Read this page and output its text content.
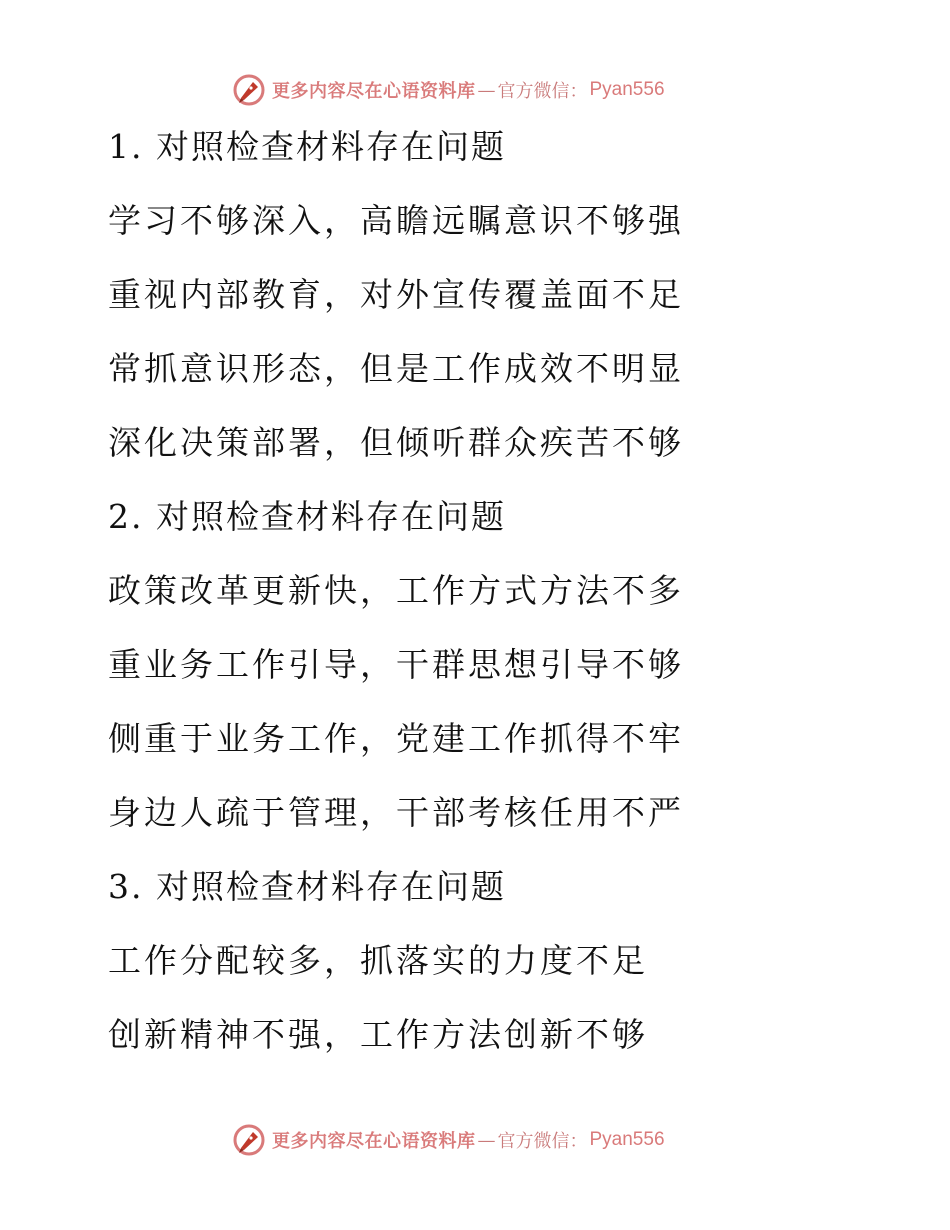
更多内容尽在心语资料库 — 官方微信： Pyan556
1. 对照检查材料存在问题
学习不够深入，高瞻远瞩意识不够强
重视内部教育，对外宣传覆盖面不足
常抓意识形态，但是工作成效不明显
深化决策部署，但倾听群众疾苦不够
2. 对照检查材料存在问题
政策改革更新快，工作方式方法不多
重业务工作引导，干群思想引导不够
侧重于业务工作，党建工作抓得不牢
身边人疏于管理，干部考核任用不严
3. 对照检查材料存在问题
工作分配较多，抓落实的力度不足
创新精神不强，工作方法创新不够
更多内容尽在心语资料库 — 官方微信： Pyan556
